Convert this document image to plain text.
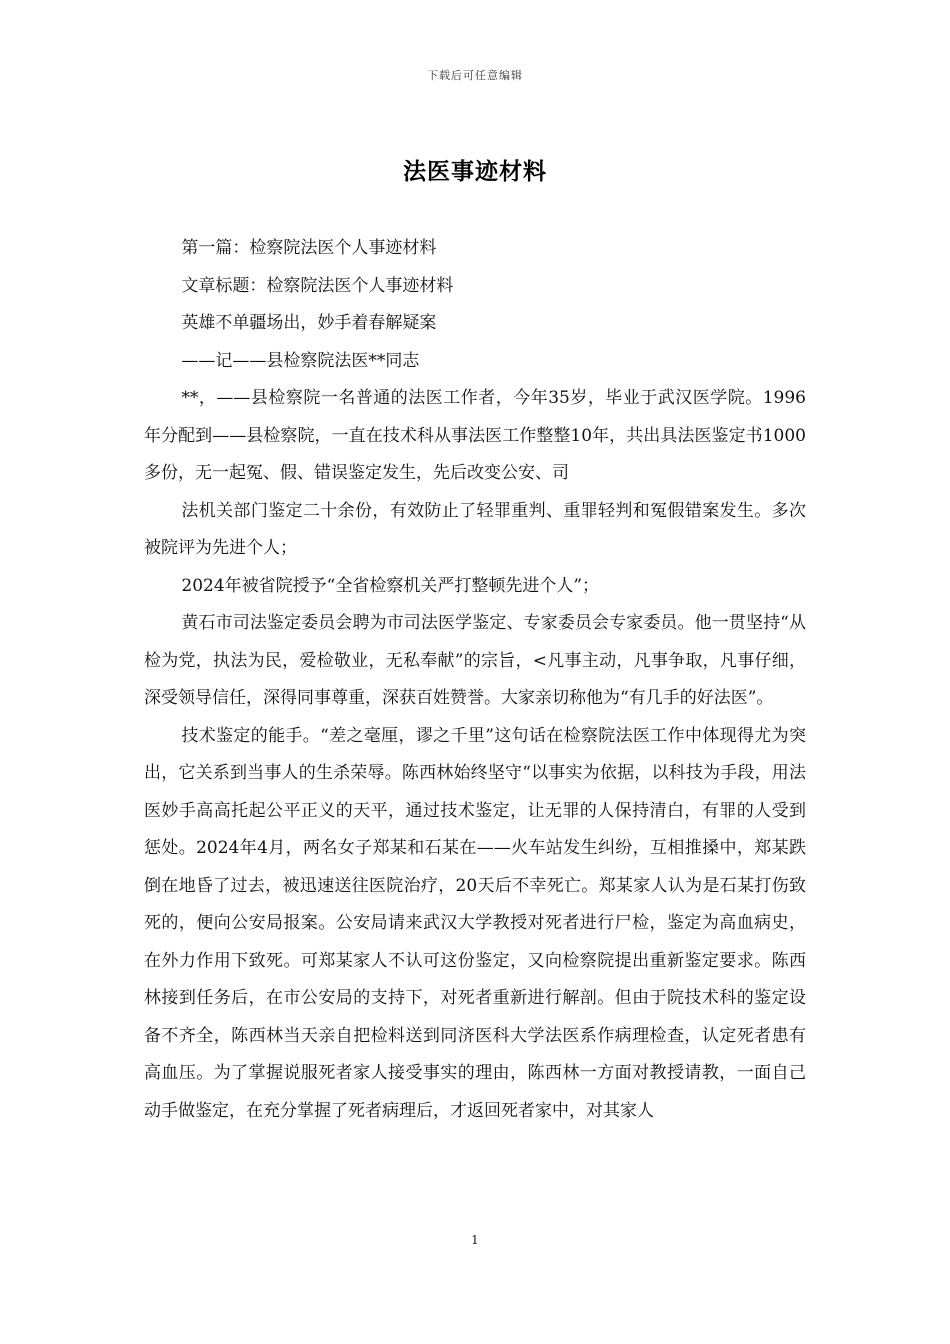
下载后可任意编辑
法医事迹材料

第一篇：检察院法医个人事迹材料

文章标题：检察院法医个人事迹材料

英雄不单疆场出，妙手着春解疑案

——记——县检察院法医**同志

**，——县检察院一名普通的法医工作者，今年35岁，毕业于武汉医学院。1996年分配到——县检察院，一直在技术科从事法医工作整整10年，共出具法医鉴定书1000多份，无一起冤、假、错误鉴定发生，先后改变公安、司

法机关部门鉴定二十余份，有效防止了轻罪重判、重罪轻判和冤假错案发生。多次被院评为先进个人；

2024年被省院授予“全省检察机关严打整顿先进个人”；

黄石市司法鉴定委员会聘为市司法医学鉴定、专家委员会专家委员。他一贯坚持“从检为党，执法为民，爱检敬业，无私奉献”的宗旨，<凡事主动，凡事争取，凡事仔细，深受领导信任，深得同事尊重，深获百姓赞誉。大家亲切称他为“有几手的好法医”。

技术鉴定的能手。“差之毫厘，谬之千里”这句话在检察院法医工作中体现得尤为突出，它关系到当事人的生杀荣辱。陈西林始终坚守“以事实为依据，以科技为手段，用法医妙手高高托起公平正义的天平，通过技术鉴定，让无罪的人保持清白，有罪的人受到惩处。2024年4月，两名女子郑某和石某在——火车站发生纠纷，互相推搡中，郑某跌倒在地昏了过去，被迅速送往医院治疗，20天后不幸死亡。郑某家人认为是石某打伤致死的，便向公安局报案。公安局请来武汉大学教授对死者进行尸检，鉴定为高血病史，在外力作用下致死。可郑某家人不认可这份鉴定，又向检察院提出重新鉴定要求。陈西林接到任务后，在市公安局的支持下，对死者重新进行解剖。但由于院技术科的鉴定设备不齐全，陈西林当天亲自把检料送到同济医科大学法医系作病理检查，认定死者患有高血压。为了掌握说服死者家人接受事实的理由，陈西林一方面对教授请教，一面自己动手做鉴定，在充分掌握了死者病理后，才返回死者家中，对其家人

1
